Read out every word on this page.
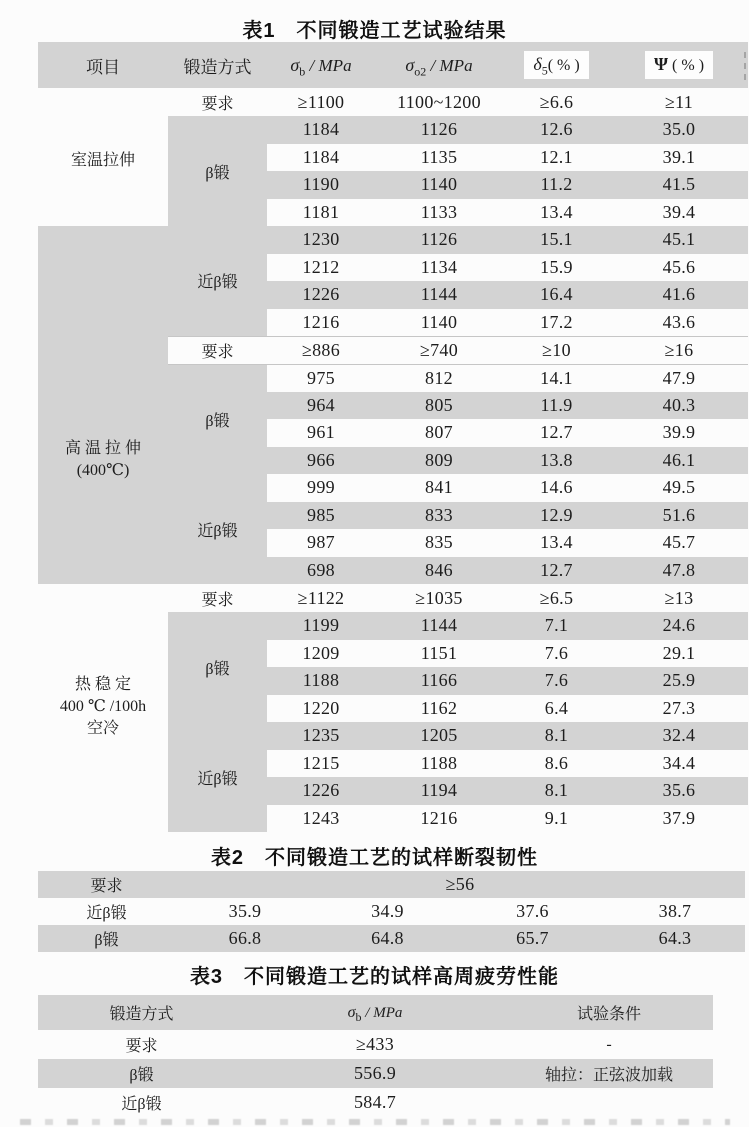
表1　不同锻造工艺试验结果
项目	锻造方式	$\sigma_b$ / MPa	$\sigma_{o2}$ / MPa	$\delta_5$( % )	Ψ ( % )
	要求	≥1100	1100~1200	≥6.6	≥11

室温拉伸	β锻	1184	1126	12.6	35.0
		1184	1135	12.1	39.1
		1190	1140	11.2	41.5
		1181	1133	13.4	39.4
	近β锻	1230	1126	15.1	45.1
		1212	1134	15.9	45.6
		1226	1144	16.4	41.6
		1216	1140	17.2	43.6
	要求	≥886	≥740	≥10	≥16

高 温 拉 伸
(400℃)	β锻	975	812	14.1	47.9
		964	805	11.9	40.3
		961	807	12.7	39.9
		966	809	13.8	46.1
	近β锻	999	841	14.6	49.5
		985	833	12.9	51.6
		987	835	13.4	45.7
		698	846	12.7	47.8
	要求	≥1122	≥1035	≥6.5	≥13

热 稳 定
400 ℃ /100h
空冷	β锻	1199	1144	7.1	24.6
		1209	1151	7.6	29.1
		1188	1166	7.6	25.9
		1220	1162	6.4	27.3
	近β锻	1235	1205	8.1	32.4
		1215	1188	8.6	34.4
		1226	1194	8.1	35.6
		1243	1216	9.1	37.9
表2　不同锻造工艺的试样断裂韧性
要求	≥56			
近β锻	35.9	34.9	37.6	38.7
β锻	66.8	64.8	65.7	64.3
表3　不同锻造工艺的试样高周疲劳性能
锻造方式	$\sigma_b$ / MPa	试验条件
要求	≥433	-
β锻	556.9	轴拉：正弦波加载
近β锻	584.7	
